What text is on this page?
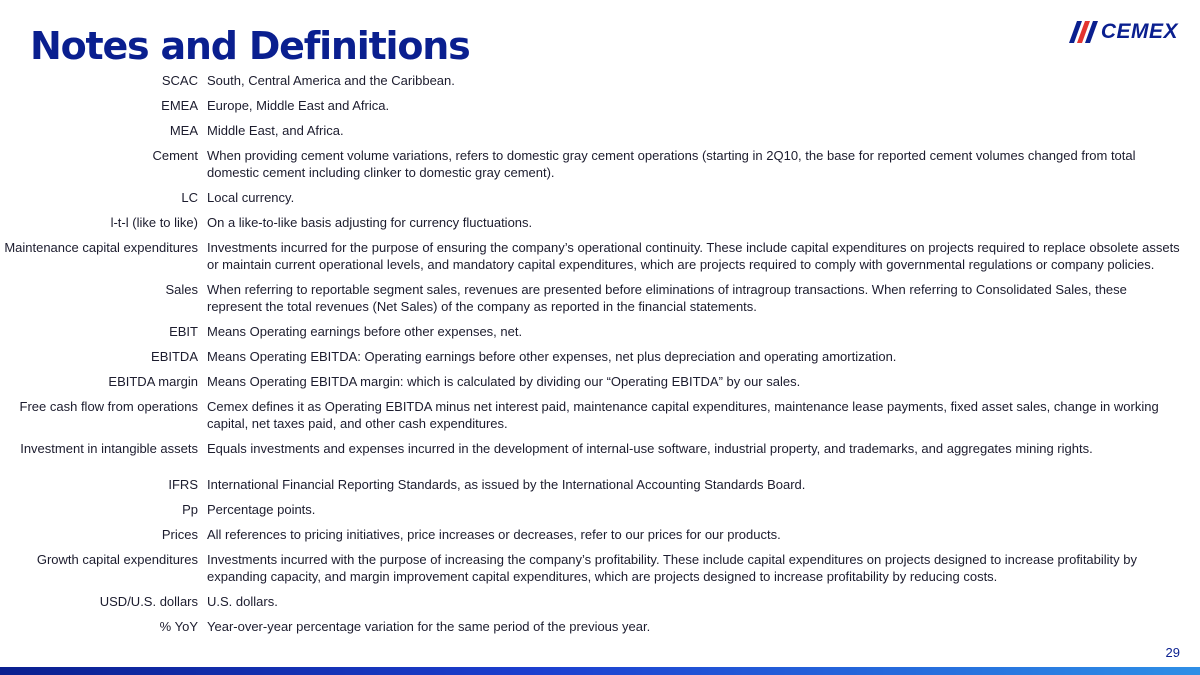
Notes and Definitions	CEMEX
SCAC South, Central America and the Caribbean.
EMEA Europe, Middle East and Africa.
MEA Middle East, and Africa.
Cement When providing cement volume variations, refers to domestic gray cement operations (starting in 2Q10, the base for reported cement volumes changed from total domestic cement including clinker to domestic gray cement).
LC Local currency.
l-t-l (like to like) On a like-to-like basis adjusting for currency fluctuations.
Maintenance capital expenditures Investments incurred for the purpose of ensuring the company’s operational continuity. These include capital expenditures on projects required to replace obsolete assets or maintain current operational levels, and mandatory capital expenditures, which are projects required to comply with governmental regulations or company policies.
Sales When referring to reportable segment sales, revenues are presented before eliminations of intragroup transactions. When referring to Consolidated Sales, these represent the total revenues (Net Sales) of the company as reported in the financial statements.
EBIT Means Operating earnings before other expenses, net.
EBITDA Means Operating EBITDA: Operating earnings before other expenses, net plus depreciation and operating amortization.
EBITDA margin Means Operating EBITDA margin: which is calculated by dividing our “Operating EBITDA” by our sales.
Free cash flow from operations Cemex defines it as Operating EBITDA minus net interest paid, maintenance capital expenditures, maintenance lease payments, fixed asset sales, change in working capital, net taxes paid, and other cash expenditures.
Investment in intangible assets Equals investments and expenses incurred in the development of internal-use software, industrial property, and trademarks, and aggregates mining rights.
IFRS International Financial Reporting Standards, as issued by the International Accounting Standards Board.
Pp Percentage points.
Prices All references to pricing initiatives, price increases or decreases, refer to our prices for our products.
Growth capital expenditures Investments incurred with the purpose of increasing the company’s profitability. These include capital expenditures on projects designed to increase profitability by expanding capacity, and margin improvement capital expenditures, which are projects designed to increase profitability by reducing costs.
USD/U.S. dollars U.S. dollars.
% YoY Year-over-year percentage variation for the same period of the previous year.
29
